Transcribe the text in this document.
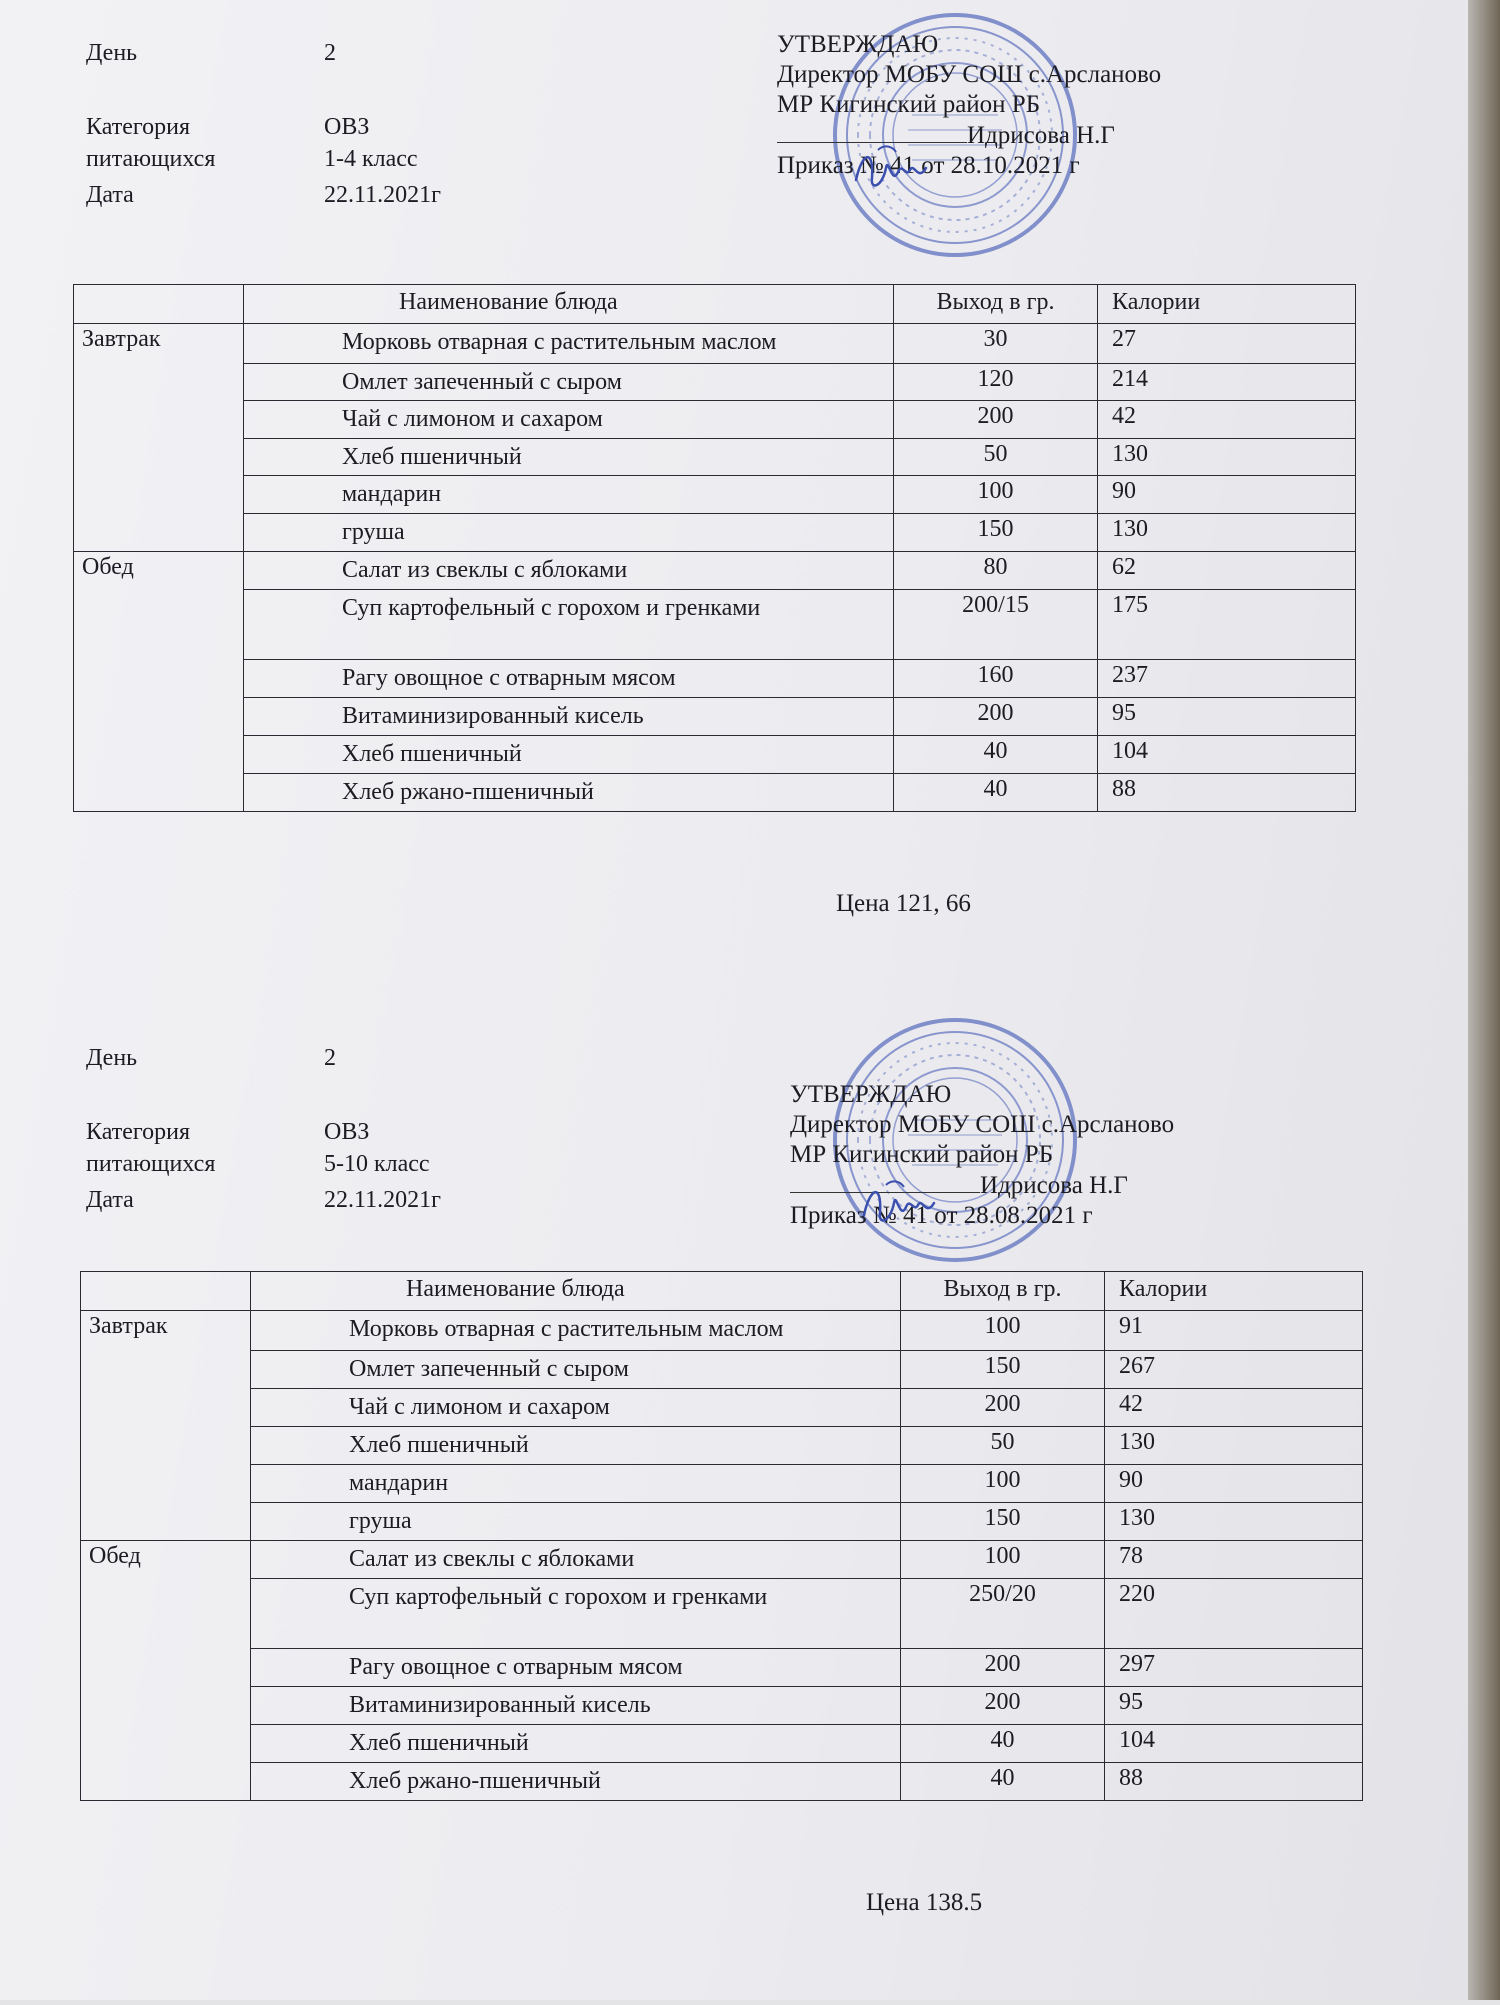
День	2
Категория	ОВЗ
питающихся	1-4 класс
Дата	22.11.2021г
УТВЕРЖДАЮ
Директор МОБУ СОШ с.Арсланово
МР Кигинский район РБ
Идрисова Н.Г
Приказ № 41 от 28.10.2021 г
	Наименование блюда	Выход в гр.	Калории
Завтрак	Морковь отварная с растительным маслом	30	27
	Омлет запеченный с сыром	120	214
	Чай с лимоном и сахаром	200	42
	Хлеб пшеничный	50	130
	мандарин	100	90
	груша	150	130
Обед	Салат из свеклы с яблоками	80	62
	Суп картофельный с горохом и гренками	200/15	175
	Рагу овощное с отварным мясом	160	237
	Витаминизированный кисель	200	95
	Хлеб пшеничный	40	104
	Хлеб ржано-пшеничный	40	88
Цена 121, 66
День	2
Категория	ОВЗ
питающихся	5-10 класс
Дата	22.11.2021г
УТВЕРЖДАЮ
Директор МОБУ СОШ с.Арсланово
МР Кигинский район РБ
Идрисова Н.Г
Приказ № 41 от 28.08.2021 г
	Наименование блюда	Выход в гр.	Калории
Завтрак	Морковь отварная с растительным маслом	100	91
	Омлет запеченный с сыром	150	267
	Чай с лимоном и сахаром	200	42
	Хлеб пшеничный	50	130
	мандарин	100	90
	груша	150	130
Обед	Салат из свеклы с яблоками	100	78
	Суп картофельный с горохом и гренками	250/20	220
	Рагу овощное с отварным мясом	200	297
	Витаминизированный кисель	200	95
	Хлеб пшеничный	40	104
	Хлеб ржано-пшеничный	40	88
Цена 138.5
